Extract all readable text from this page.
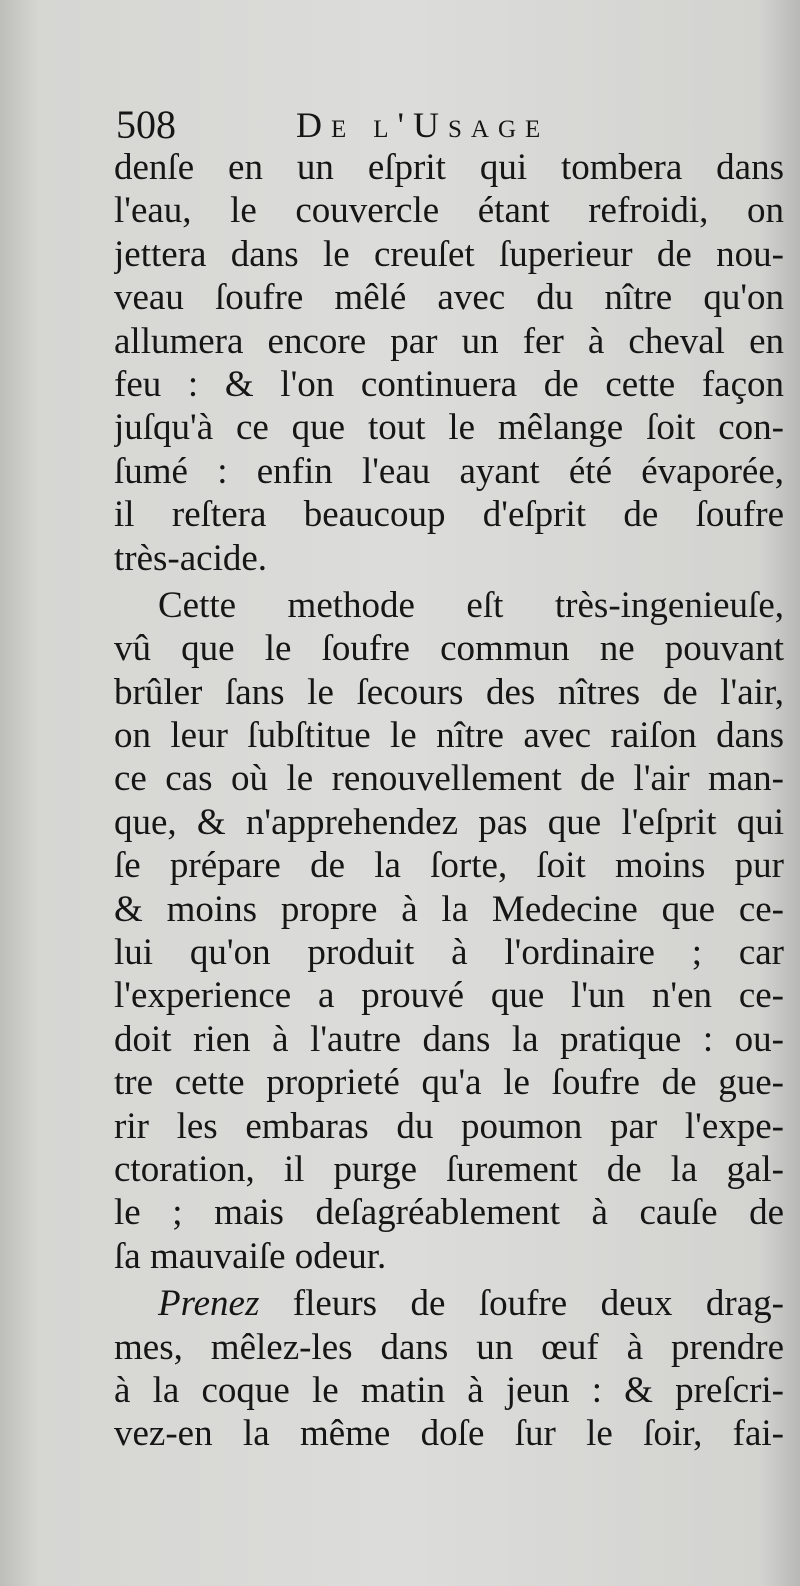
508	De l'Usage
denſe en un eſprit qui tombera dans
l'eau, le couvercle étant refroidi, on
jettera dans le creuſet ſuperieur de nou-
veau ſoufre mêlé avec du nître qu'on
allumera encore par un fer à cheval en
feu : & l'on continuera de cette façon
juſqu'à ce que tout le mêlange ſoit con-
ſumé : enfin l'eau ayant été évaporée,
il reſtera beaucoup d'eſprit de ſoufre
très-acide.
Cette methode eſt très-ingenieuſe,
vû que le ſoufre commun ne pouvant
brûler ſans le ſecours des nîtres de l'air,
on leur ſubſtitue le nître avec raiſon dans
ce cas où le renouvellement de l'air man-
que, & n'apprehendez pas que l'eſprit qui
ſe prépare de la ſorte, ſoit moins pur
& moins propre à la Medecine que ce-
lui qu'on produit à l'ordinaire ; car
l'experience a prouvé que l'un n'en ce-
doit rien à l'autre dans la pratique : ou-
tre cette proprieté qu'a le ſoufre de gue-
rir les embaras du poumon par l'expe-
ctoration, il purge ſurement de la gal-
le ; mais deſagréablement à cauſe de
ſa mauvaiſe odeur.
Prenez fleurs de ſoufre deux drag-
mes, mêlez-les dans un œuf à prendre
à la coque le matin à jeun : & preſcri-
vez-en la même doſe ſur le ſoir, fai-
